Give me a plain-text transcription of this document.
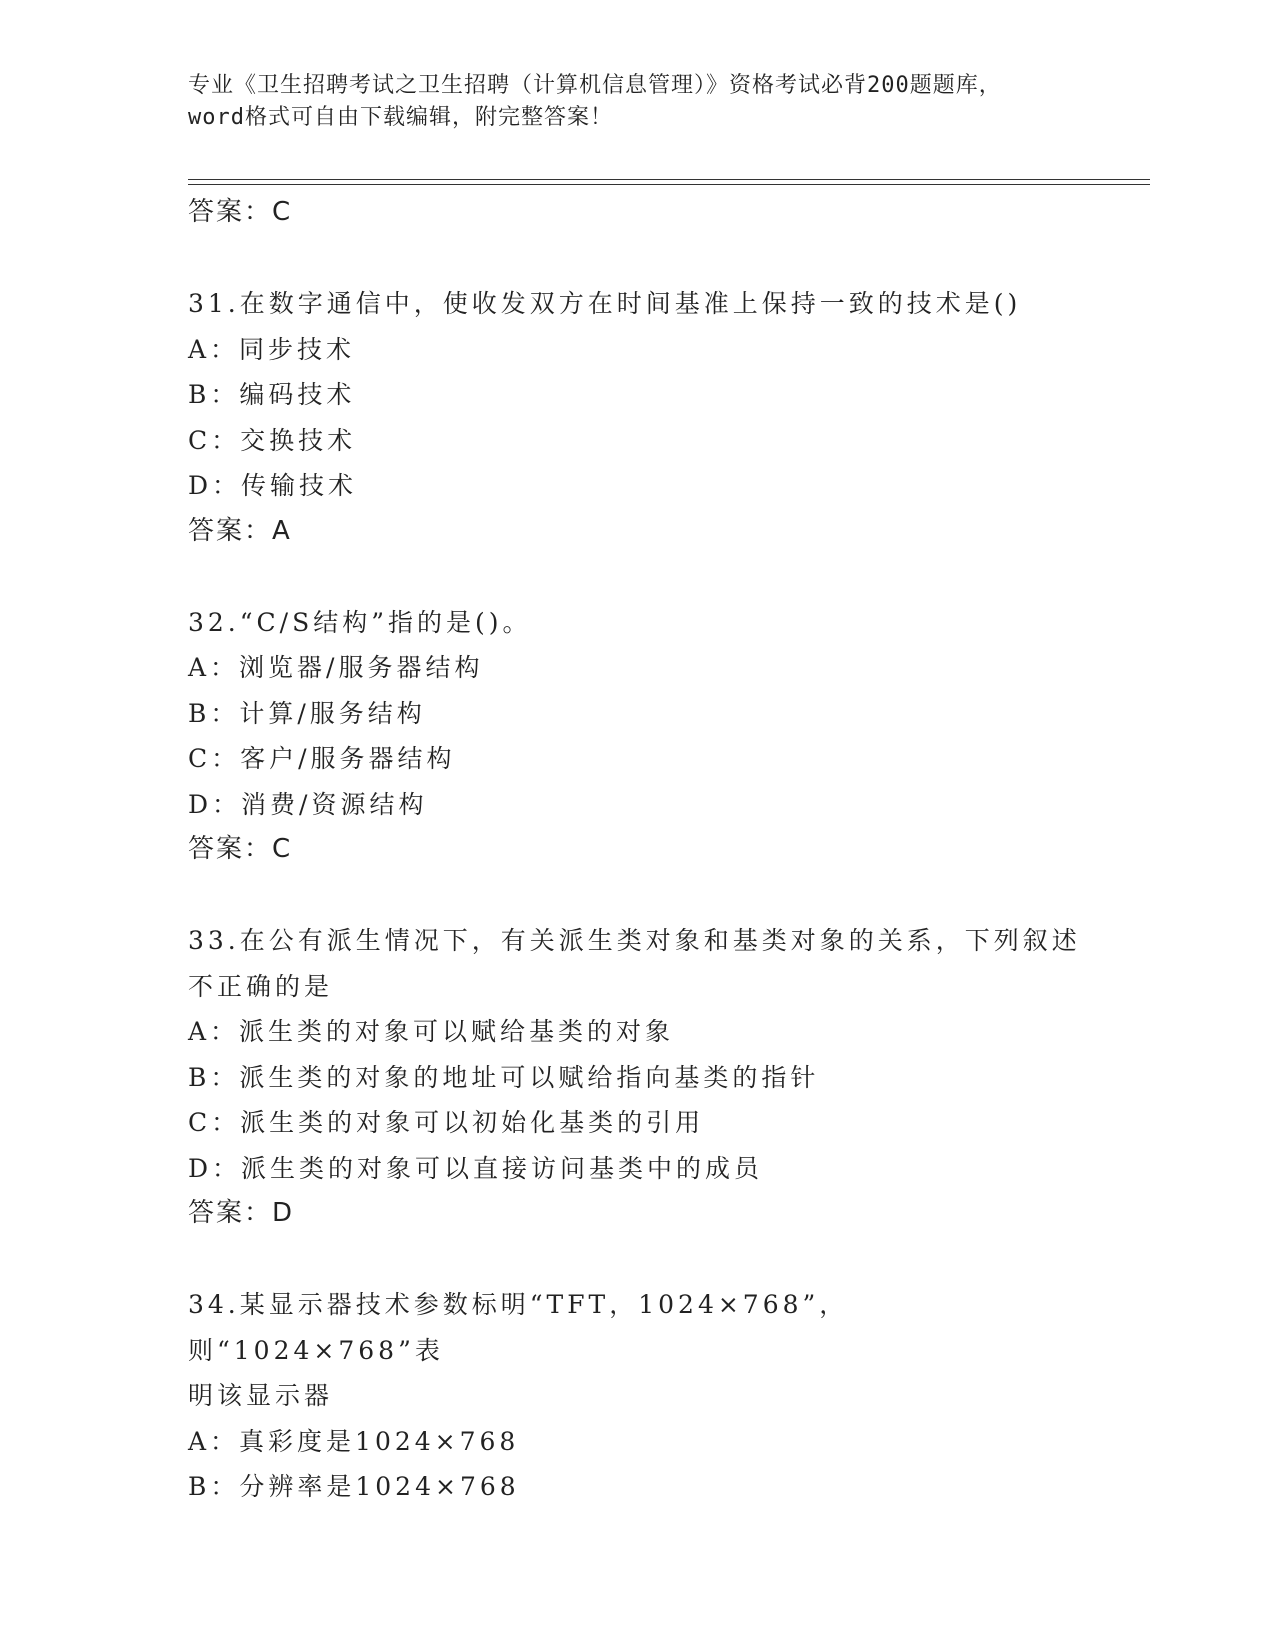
专业《卫生招聘考试之卫生招聘（计算机信息管理）》资格考试必背200题题库，
word格式可自由下载编辑，附完整答案！
答案：C
31.在数字通信中，使收发双方在时间基准上保持一致的技术是()
A：同步技术
B：编码技术
C：交换技术
D：传输技术
答案：A
32.“C/S结构”指的是()。
A：浏览器/服务器结构
B：计算/服务结构
C：客户/服务器结构
D：消费/资源结构
答案：C
33.在公有派生情况下，有关派生类对象和基类对象的关系，下列叙述
不正确的是
A：派生类的对象可以赋给基类的对象
B：派生类的对象的地址可以赋给指向基类的指针
C：派生类的对象可以初始化基类的引用
D：派生类的对象可以直接访问基类中的成员
答案：D
34.某显示器技术参数标明“TFT，1024×768”，则“1024×768”表
明该显示器
A：真彩度是1024×768
B：分辨率是1024×768
